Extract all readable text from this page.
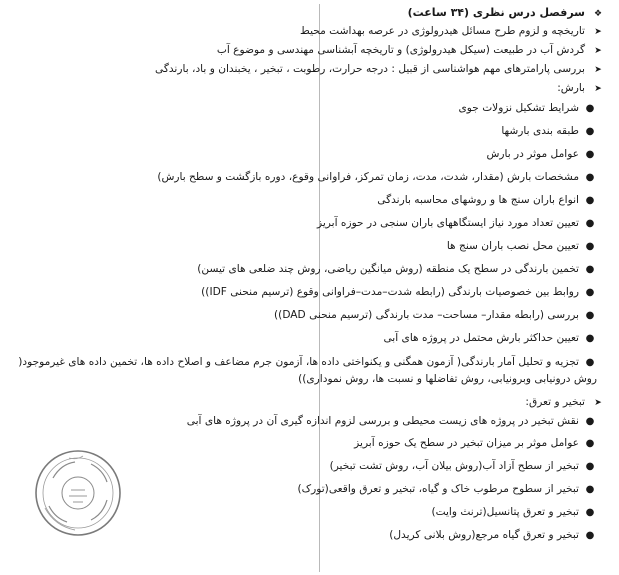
❖سرفصل درس نظری (۳۴ ساعت)
➤تاریخچه و لزوم طرح مسائل هیدرولوژی در عرصه بهداشت محیط
➤گردش آب در طبیعت (سیکل هیدرولوژی) و تاریخچه آبشناسی مهندسی و موضوع آب
➤بررسی پارامترهای مهم هواشناسی از قبیل : درجه حرارت، رطوبت ، تبخیر ، یخبندان و باد، بارندگی
➤بارش:
●شرایط تشکیل نزولات جوی
●طبقه بندی بارشها
●عوامل موثر در بارش
●مشخصات بارش (مقدار، شدت، مدت، زمان تمرکز، فراوانی وقوع، دوره بازگشت و سطح بارش)
●انواع باران سنج ها و روشهای محاسبه بارندگی
●تعیین تعداد مورد نیاز ایستگاههای باران سنجی در حوزه آبریز
●تعیین محل نصب باران سنج ها
●تخمین بارندگی در سطح یک منطقه (روش میانگین ریاضی، روش چند ضلعی های تیسن)
●روابط بین خصوصیات بارندگی (رابطه شدت–مدت–فراوانی وقوع (ترسیم منحنی IDF))
●بررسی (رابطه مقدار– مساحت– مدت بارندگی (ترسیم منحنی DAD))
●تعیین حداکثر بارش محتمل در پروژه های آبی
●تجزیه و تحلیل آمار بارندگی( آزمون همگنی و یکنواختی داده ها، آزمون جرم مضاعف و اصلاح داده ها، تخمین داده های غیرموجود( روش درونیابی وبرونیابی، روش تفاضلها و نسبت ها، روش نموداری))
➤تبخیر و تعرق:
●نقش تبخیر در پروژه های زیست محیطی و بررسی لزوم اندازه گیری آن در پروژه های آبی
●عوامل موثر بر میزان تبخیر در سطح یک حوزه آبریز
●تبخیر از سطح آزاد آب(روش بیلان آب، روش تشت تبخیر)
●تبخیر از سطوح مرطوب خاک و گیاه، تبخیر و تعرق واقعی(تورک)
●تبخیر و تعرق پتانسیل(ترنث وایت)
●تبخیر و تعرق گیاه مرجع(روش بلانی کریدل)
